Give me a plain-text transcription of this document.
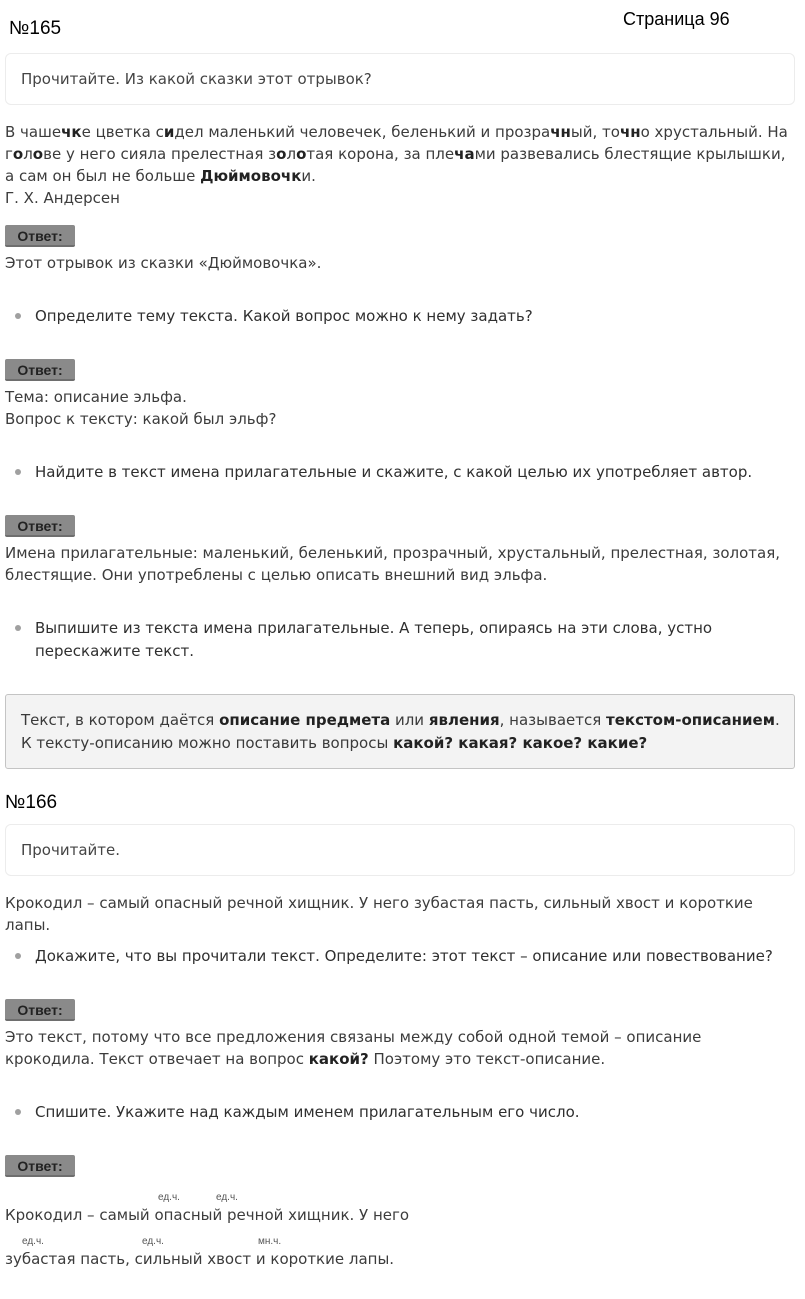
№165	Страница 96
Прочитайте. Из какой сказки этот отрывок?
В чашечке цветка сидел маленький человечек, беленький и прозрачный, точно хрустальный. На голове у него сияла прелестная золотая корона, за плечами развевались блестящие крылышки, а сам он был не больше Дюймовочки.
Г. Х. Андерсен
Ответ:
Этот отрывок из сказки «Дюймовочка».
Определите тему текста. Какой вопрос можно к нему задать?
Ответ:
Тема: описание эльфа.
Вопрос к тексту: какой был эльф?
Найдите в текст имена прилагательные и скажите, с какой целью их употребляет автор.
Ответ:
Имена прилагательные: маленький, беленький, прозрачный, хрустальный, прелестная, золотая, блестящие. Они употреблены с целью описать внешний вид эльфа.
Выпишите из текста имена прилагательные. А теперь, опираясь на эти слова, устно перескажите текст.
Текст, в котором даётся описание предмета или явления, называется текстом-описанием. К тексту-описанию можно поставить вопросы какой? какая? какое? какие?
№166
Прочитайте.
Крокодил – самый опасный речной хищник. У него зубастая пасть, сильный хвост и короткие лапы.
Докажите, что вы прочитали текст. Определите: этот текст – описание или повествование?
Ответ:
Это текст, потому что все предложения связаны между собой одной темой – описание крокодила. Текст отвечает на вопрос какой? Поэтому это текст-описание.
Спишите. Укажите над каждым именем прилагательным его число.
Ответ:
ед.ч.	ед.ч.
Крокодил – самый опасный речной хищник. У него
ед.ч.	ед.ч.	мн.ч.
зубастая пасть, сильный хвост и короткие лапы.
